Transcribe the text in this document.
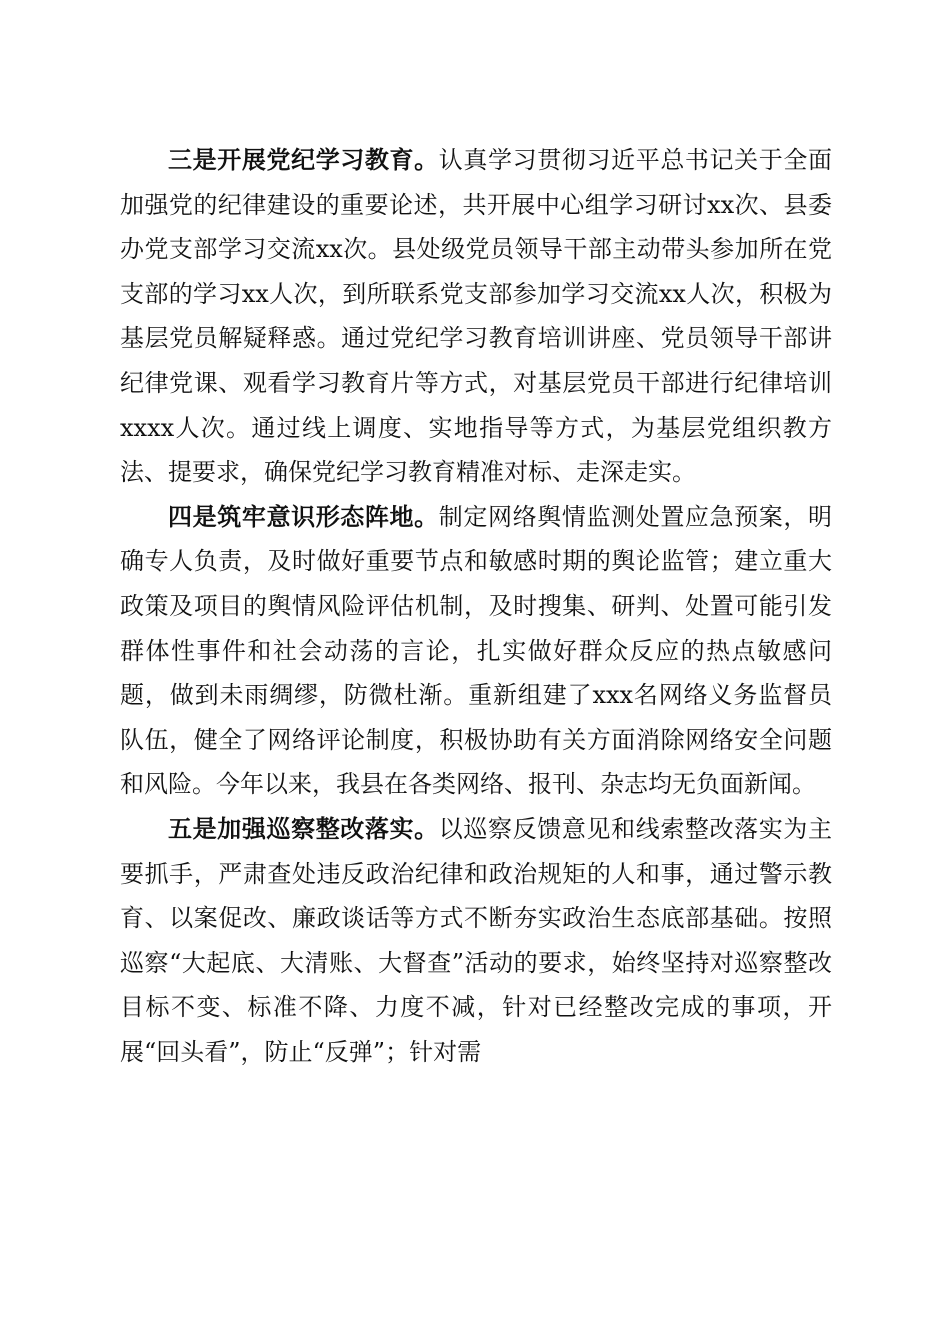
三是开展党纪学习教育。认真学习贯彻习近平总书记关于全面加强党的纪律建设的重要论述，共开展中心组学习研讨xx次、县委办党支部学习交流xx次。县处级党员领导干部主动带头参加所在党支部的学习xx人次，到所联系党支部参加学习交流xx人次，积极为基层党员解疑释惑。通过党纪学习教育培训讲座、党员领导干部讲纪律党课、观看学习教育片等方式，对基层党员干部进行纪律培训xxxx人次。通过线上调度、实地指导等方式，为基层党组织教方法、提要求，确保党纪学习教育精准对标、走深走实。

四是筑牢意识形态阵地。制定网络舆情监测处置应急预案，明确专人负责，及时做好重要节点和敏感时期的舆论监管；建立重大政策及项目的舆情风险评估机制，及时搜集、研判、处置可能引发群体性事件和社会动荡的言论，扎实做好群众反应的热点敏感问题，做到未雨绸缪，防微杜渐。重新组建了xxx名网络义务监督员队伍，健全了网络评论制度，积极协助有关方面消除网络安全问题和风险。今年以来，我县在各类网络、报刊、杂志均无负面新闻。

五是加强巡察整改落实。以巡察反馈意见和线索整改落实为主要抓手，严肃查处违反政治纪律和政治规矩的人和事，通过警示教育、以案促改、廉政谈话等方式不断夯实政治生态底部基础。按照巡察“大起底、大清账、大督查”活动的要求，始终坚持对巡察整改目标不变、标准不降、力度不减，针对已经整改完成的事项，开展“回头看”，防止“反弹”；针对需
